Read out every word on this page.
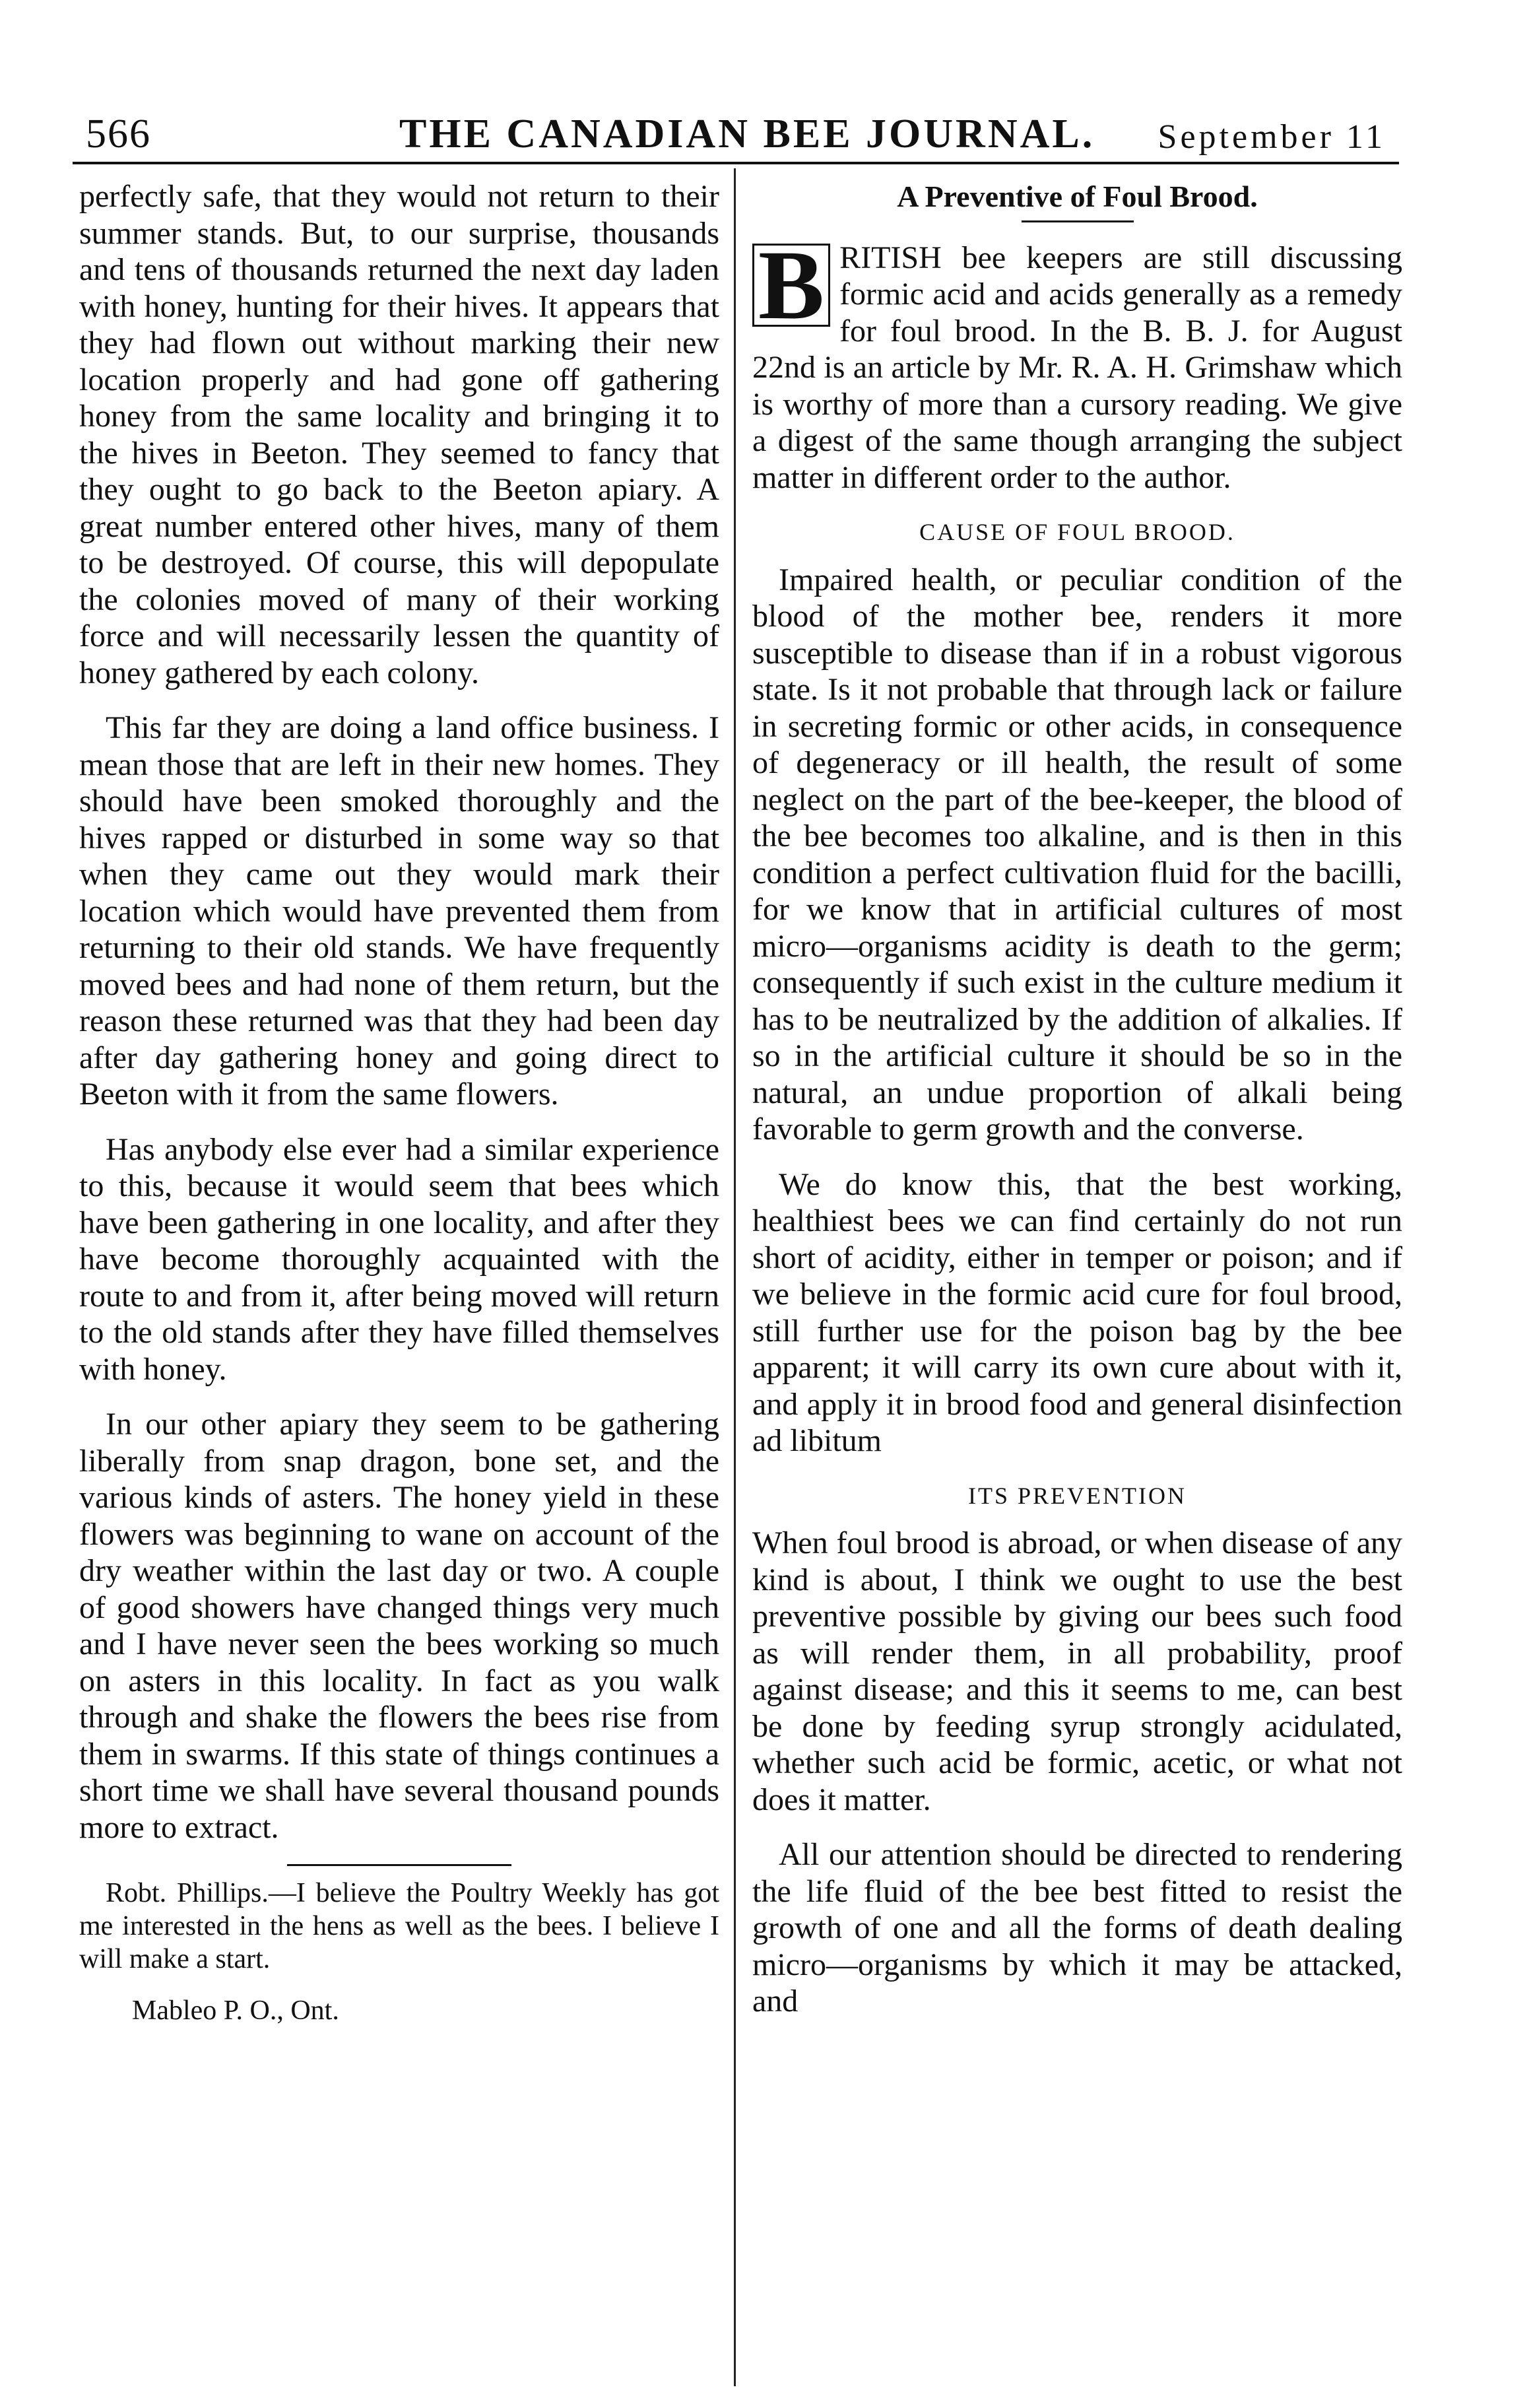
566	THE CANADIAN BEE JOURNAL. September 11

perfectly safe, that they would not return to their summer stands. But, to our surprise, thousands and tens of thousands returned the next day laden with honey, hunting for their hives. It appears that they had flown out without marking their new location properly and had gone off gathering honey from the same locality and bringing it to the hives in Beeton. They seemed to fancy that they ought to go back to the Beeton apiary. A great number entered other hives, many of them to be destroyed. Of course, this will depopulate the colonies moved of many of their working force and will necessarily lessen the quantity of honey gathered by each colony.

This far they are doing a land office business. I mean those that are left in their new homes. They should have been smoked thoroughly and the hives rapped or disturbed in some way so that when they came out they would mark their location which would have prevented them from returning to their old stands. We have frequently moved bees and had none of them return, but the reason these returned was that they had been day after day gathering honey and going direct to Beeton with it from the same flowers.

Has anybody else ever had a similar experience to this, because it would seem that bees which have been gathering in one locality, and after they have become thoroughly acquainted with the route to and from it, after being moved will return to the old stands after they have filled themselves with honey.

In our other apiary they seem to be gathering liberally from snap dragon, bone set, and the various kinds of asters. The honey yield in these flowers was beginning to wane on account of the dry weather within the last day or two. A couple of good showers have changed things very much and I have never seen the bees working so much on asters in this locality. In fact as you walk through and shake the flowers the bees rise from them in swarms. If this state of things continues a short time we shall have several thousand pounds more to extract.

Robt. Phillips.—I believe the Poultry Weekly has got me interested in the hens as well as the bees. I believe I will make a start.

Mableo P. O., Ont.

A Preventive of Foul Brood.

B RITISH bee keepers are still discussing formic acid and acids generally as a remedy for foul brood. In the B. B. J. for August 22nd is an article by Mr. R. A. H. Grimshaw which is worthy of more than a cursory reading. We give a digest of the same though arranging the subject matter in different order to the author.

CAUSE OF FOUL BROOD.

Impaired health, or peculiar condition of the blood of the mother bee, renders it more susceptible to disease than if in a robust vigorous state. Is it not probable that through lack or failure in secreting formic or other acids, in consequence of degeneracy or ill health, the result of some neglect on the part of the bee-keeper, the blood of the bee becomes too alkaline, and is then in this condition a perfect cultivation fluid for the bacilli, for we know that in artificial cultures of most micro—organisms acidity is death to the germ; consequently if such exist in the culture medium it has to be neutralized by the addition of alkalies. If so in the artificial culture it should be so in the natural, an undue proportion of alkali being favorable to germ growth and the converse.

We do know this, that the best working, healthiest bees we can find certainly do not run short of acidity, either in temper or poison; and if we believe in the formic acid cure for foul brood, still further use for the poison bag by the bee apparent; it will carry its own cure about with it, and apply it in brood food and general disinfection ad libitum

ITS PREVENTION

When foul brood is abroad, or when disease of any kind is about, I think we ought to use the best preventive possible by giving our bees such food as will render them, in all probability, proof against disease; and this it seems to me, can best be done by feeding syrup strongly acidulated, whether such acid be formic, acetic, or what not does it matter.

All our attention should be directed to rendering the life fluid of the bee best fitted to resist the growth of one and all the forms of death dealing micro—organisms by which it may be attacked, and
